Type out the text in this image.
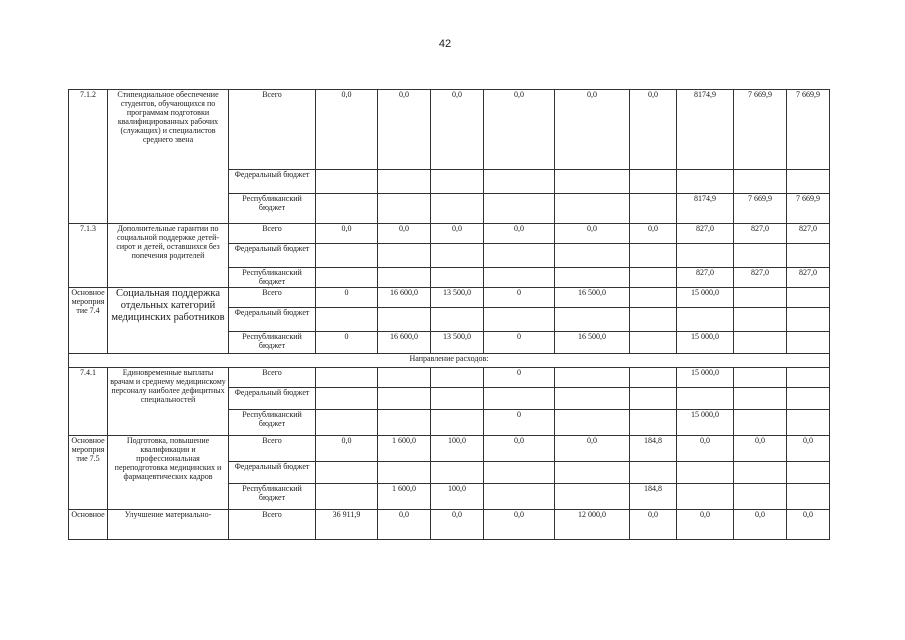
42
7.1.2	Стипендиальное обеспечение студентов, обучающихся по программам подготовки квалифицированных рабочих (служащих) и специалистов среднего звена	Всего	0,0	0,0	0,0	0,0	0,0	0,0	8174,9	7 669,9	7 669,9
		Федеральный бюджет									
		Республиканский бюджет							8174,9	7 669,9	7 669,9
7.1.3	Дополнительные гарантии по социальной поддержке детей-сирот и детей, оставшихся без попечения родителей	Всего	0,0	0,0	0,0	0,0	0,0	0,0	827,0	827,0	827,0
		Федеральный бюджет									
		Республиканский бюджет							827,0	827,0	827,0
Основное мероприятие 7.4	Социальная поддержка отдельных категорий медицинских работников	Всего	0	16 600,0	13 500,0	0	16 500,0		15 000,0		
		Федеральный бюджет									
		Республиканский бюджет	0	16 600,0	13 500,0	0	16 500,0		15 000,0		
Направление расходов:											
7.4.1	Единовременные выплаты врачам и среднему медицинскому персоналу наиболее дефицитных специальностей	Всего				0			15 000,0		
		Федеральный бюджет									
		Республиканский бюджет				0			15 000,0		
Основное мероприятие 7.5	Подготовка, повышение квалификации и профессиональная переподготовка медицинских и фармацевтических кадров	Всего	0,0	1 600,0	100,0	0,0	0,0	184,8	0,0	0,0	0,0
		Федеральный бюджет									
		Республиканский бюджет		1 600,0	100,0			184,8			
Основное	Улучшение материально-	Всего	36 911,9	0,0	0,0	0,0	12 000,0	0,0	0,0	0,0	0,0
